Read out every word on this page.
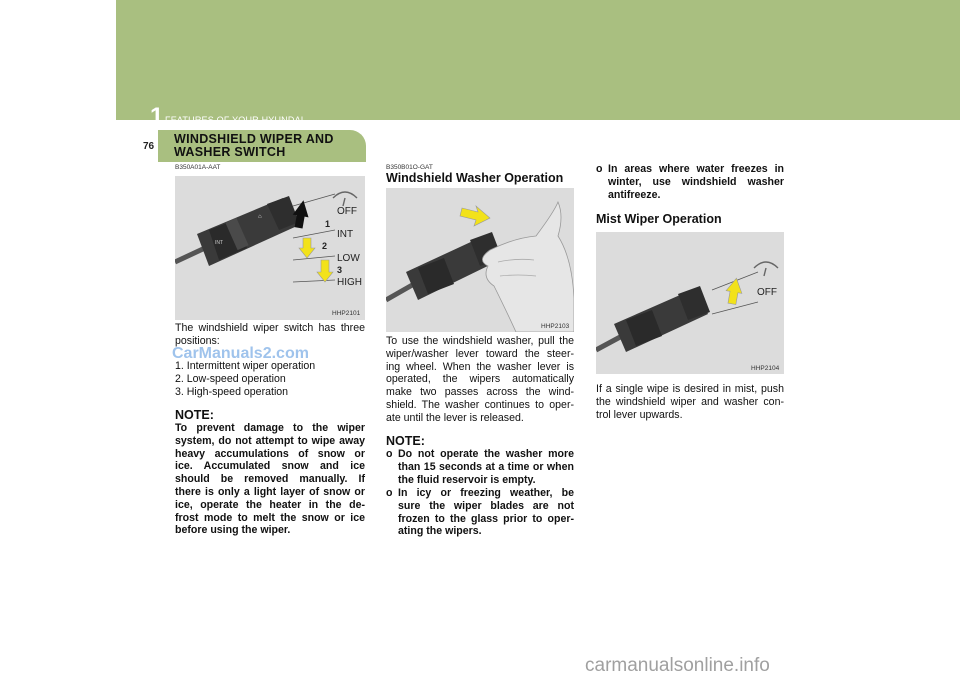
1 FEATURES OF YOUR HYUNDAI
76
WINDSHIELD WIPER AND
WASHER SWITCH
B350A01A-AAT
INT
⌂	OFF
1
INT
2
LOW
3
HIGH
HHP2101
The windshield wiper switch has three
positions:
1. Intermittent wiper operation
2. Low-speed operation
3. High-speed operation
NOTE:
To prevent damage to the wiper
system, do not attempt to wipe away
heavy accumulations of snow or
ice. Accumulated snow and ice
should be removed manually. If
there is only a light layer of snow or
ice, operate the heater in the de-
frost mode to melt the snow or ice
before using the wiper.
B350B01O-GAT
Windshield Washer Operation
HHP2103
To use the windshield washer, pull the
wiper/washer lever toward the steer-
ing wheel. When the washer lever is
operated, the wipers automatically
make two passes across the wind-
shield. The washer continues to oper-
ate until the lever is released.
NOTE:
o Do not operate the washer more
than 15 seconds at a time or when
the fluid reservoir is empty.
o In icy or freezing weather, be
sure the wiper blades are not
frozen to the glass prior to oper-
ating the wipers.
o In areas where water freezes in
winter, use windshield washer
antifreeze.
Mist Wiper Operation
OFF
HHP2104
If a single wipe is desired in mist, push
the windshield wiper and washer con-
trol lever upwards.
CarManuals2.com
carmanualsonline.info
